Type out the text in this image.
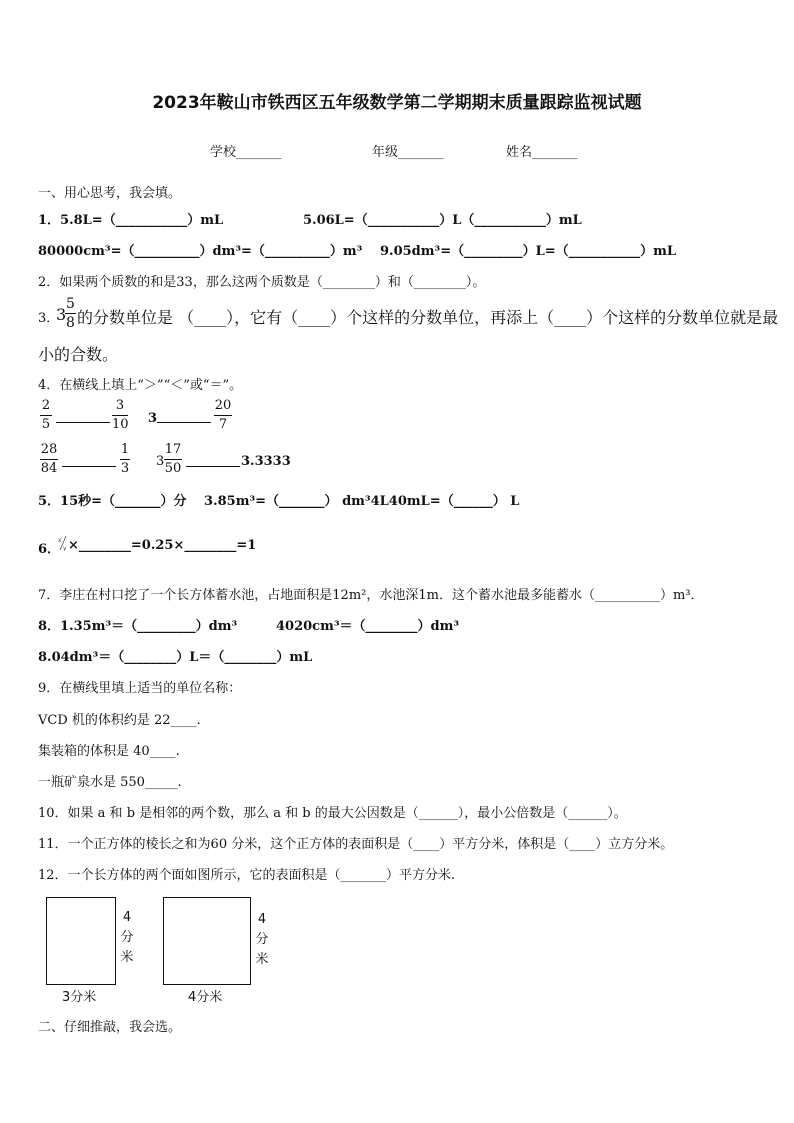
2023年鞍山市铁西区五年级数学第二学期期末质量跟踪监视试题
学校_______	年级_______	姓名_______
一、用心思考，我会填。
1．5.8L=（___________）mL	5.06L=（___________）L（___________）mL
80000cm³=（__________）dm³=（__________）m³ 9.05dm³=（_________）L=（___________）mL
2．如果两个质数的和是33，那么这两个质数是（________）和（________）。
3．
3
5
8 的分数单位是 （____），它有（____）个这样的分数单位，再添上（____）个这样的分数单位就是最
小的合数。
4．在横线上填上“＞”“＜”或“＝”。
2
5
3
10 3
20
7
28
84
1
3 3
17
50	3.3333
5．15秒=（_______）分　 3.85m³=（_______） dm³4L40mL=（______） L
6．
x
y ×________=0.25×________=1
7．李庄在村口挖了一个长方体蓄水池，占地面积是12m²，水池深1m．这个蓄水池最多能蓄水（__________）m³．
8．1.35m³＝（_________）dm³	4020cm³＝（________）dm³
8.04dm³＝（________）L＝（________）mL
9．在横线里填上适当的单位名称：
VCD 机的体积约是 22____.
集装箱的体积是 40____.
一瓶矿泉水是 550_____.
10．如果 a 和 b 是相邻的两个数，那么 a 和 b 的最大公因数是（______），最小公倍数是（______）。
11．一个正方体的棱长之和为60 分米，这个正方体的表面积是（____）平方分米，体积是（____）立方分米。
12．一个长方体的两个面如图所示，它的表面积是（_______）平方分米.
4
分
米
3分米
4
分
米
4分米
二、仔细推敲，我会选。
